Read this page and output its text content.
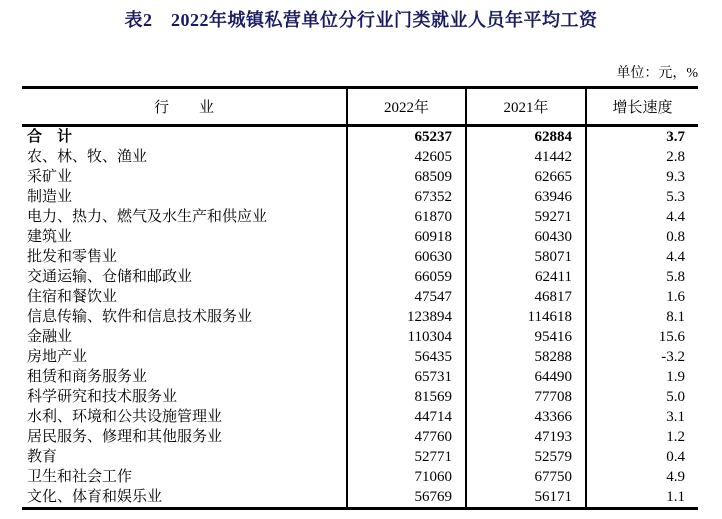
表2　2022年城镇私营单位分行业门类就业人员年平均工资
单位：元，%
行　　业	2022年	2021年	增长速度
合　计	65237	62884	3.7
农、林、牧、渔业	42605	41442	2.8
采矿业	68509	62665	9.3
制造业	67352	63946	5.3
电力、热力、燃气及水生产和供应业	61870	59271	4.4
建筑业	60918	60430	0.8
批发和零售业	60630	58071	4.4
交通运输、仓储和邮政业	66059	62411	5.8
住宿和餐饮业	47547	46817	1.6
信息传输、软件和信息技术服务业	123894	114618	8.1
金融业	110304	95416	15.6
房地产业	56435	58288	-3.2
租赁和商务服务业	65731	64490	1.9
科学研究和技术服务业	81569	77708	5.0
水利、环境和公共设施管理业	44714	43366	3.1
居民服务、修理和其他服务业	47760	47193	1.2
教育	52771	52579	0.4
卫生和社会工作	71060	67750	4.9
文化、体育和娱乐业	56769	56171	1.1
